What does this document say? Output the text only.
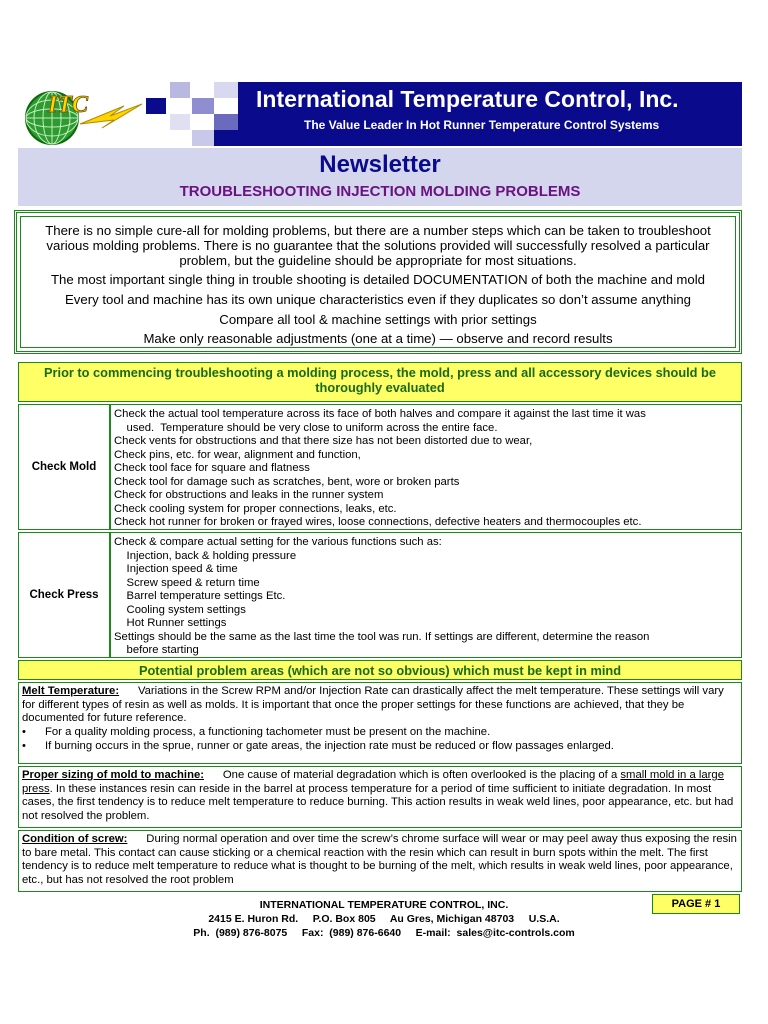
ITC	International Temperature Control, Inc.
The Value Leader In Hot Runner Temperature Control Systems
Newsletter
TROUBLESHOOTING INJECTION MOLDING PROBLEMS
There is no simple cure-all for molding problems, but there are a number steps which can be taken to troubleshoot
various molding problems. There is no guarantee that the solutions provided will successfully resolved a particular
problem, but the guideline should be appropriate for most situations.
The most important single thing in trouble shooting is detailed DOCUMENTATION of both the machine and mold
Every tool and machine has its own unique characteristics even if they duplicates so don’t assume anything
Compare all tool & machine settings with prior settings
Make only reasonable adjustments (one at a time) — observe and record results
Prior to commencing troubleshooting a molding process, the mold, press and all accessory devices should be thoroughly evaluated
Check Mold
Check the actual tool temperature across its face of both halves and compare it against the last time it was
used.  Temperature should be very close to uniform across the entire face.
Check vents for obstructions and that there size has not been distorted due to wear,
Check pins, etc. for wear, alignment and function,
Check tool face for square and flatness
Check tool for damage such as scratches, bent, wore or broken parts
Check for obstructions and leaks in the runner system
Check cooling system for proper connections, leaks, etc.
Check hot runner for broken or frayed wires, loose connections, defective heaters and thermocouples etc.
Check Press
Check & compare actual setting for the various functions such as:
Injection, back & holding pressure
Injection speed & time
Screw speed & return time
Barrel temperature settings Etc.
Cooling system settings
Hot Runner settings
Settings should be the same as the last time the tool was run. If settings are different, determine the reason
before starting
Potential problem areas (which are not so obvious) which must be kept in mind
Melt Temperature: Variations in the Screw RPM and/or Injection Rate can drastically affect the melt temperature. These settings will vary for different types of resin as well as molds. It is important that once the proper settings for these functions are achieved, that they be documented for future reference.
• For a quality molding process, a functioning tachometer must be present on the machine.
• If burning occurs in the sprue, runner or gate areas, the injection rate must be reduced or flow passages enlarged.
Proper sizing of mold to machine: One cause of material degradation which is often overlooked is the placing of a small mold in a large press. In these instances resin can reside in the barrel at process temperature for a period of time sufficient to initiate degradation. In most cases, the first tendency is to reduce melt temperature to reduce burning. This action results in weak weld lines, poor appearance, etc. but had not resolved the problem.
Condition of screw: During normal operation and over time the screw’s chrome surface will wear or may peel away thus exposing the resin to bare metal. This contact can cause sticking or a chemical reaction with the resin which can result in burn spots within the melt. The first tendency is to reduce melt temperature to reduce what is thought to be burning of the melt, which results in weak weld lines, poor appearance, etc., but has not resolved the root problem
INTERNATIONAL TEMPERATURE CONTROL, INC.
2415 E. Huron Rd.     P.O. Box 805     Au Gres, Michigan 48703     U.S.A.
Ph.  (989) 876-8075     Fax:  (989) 876-6640     E-mail:  sales@itc-controls.com
PAGE # 1
